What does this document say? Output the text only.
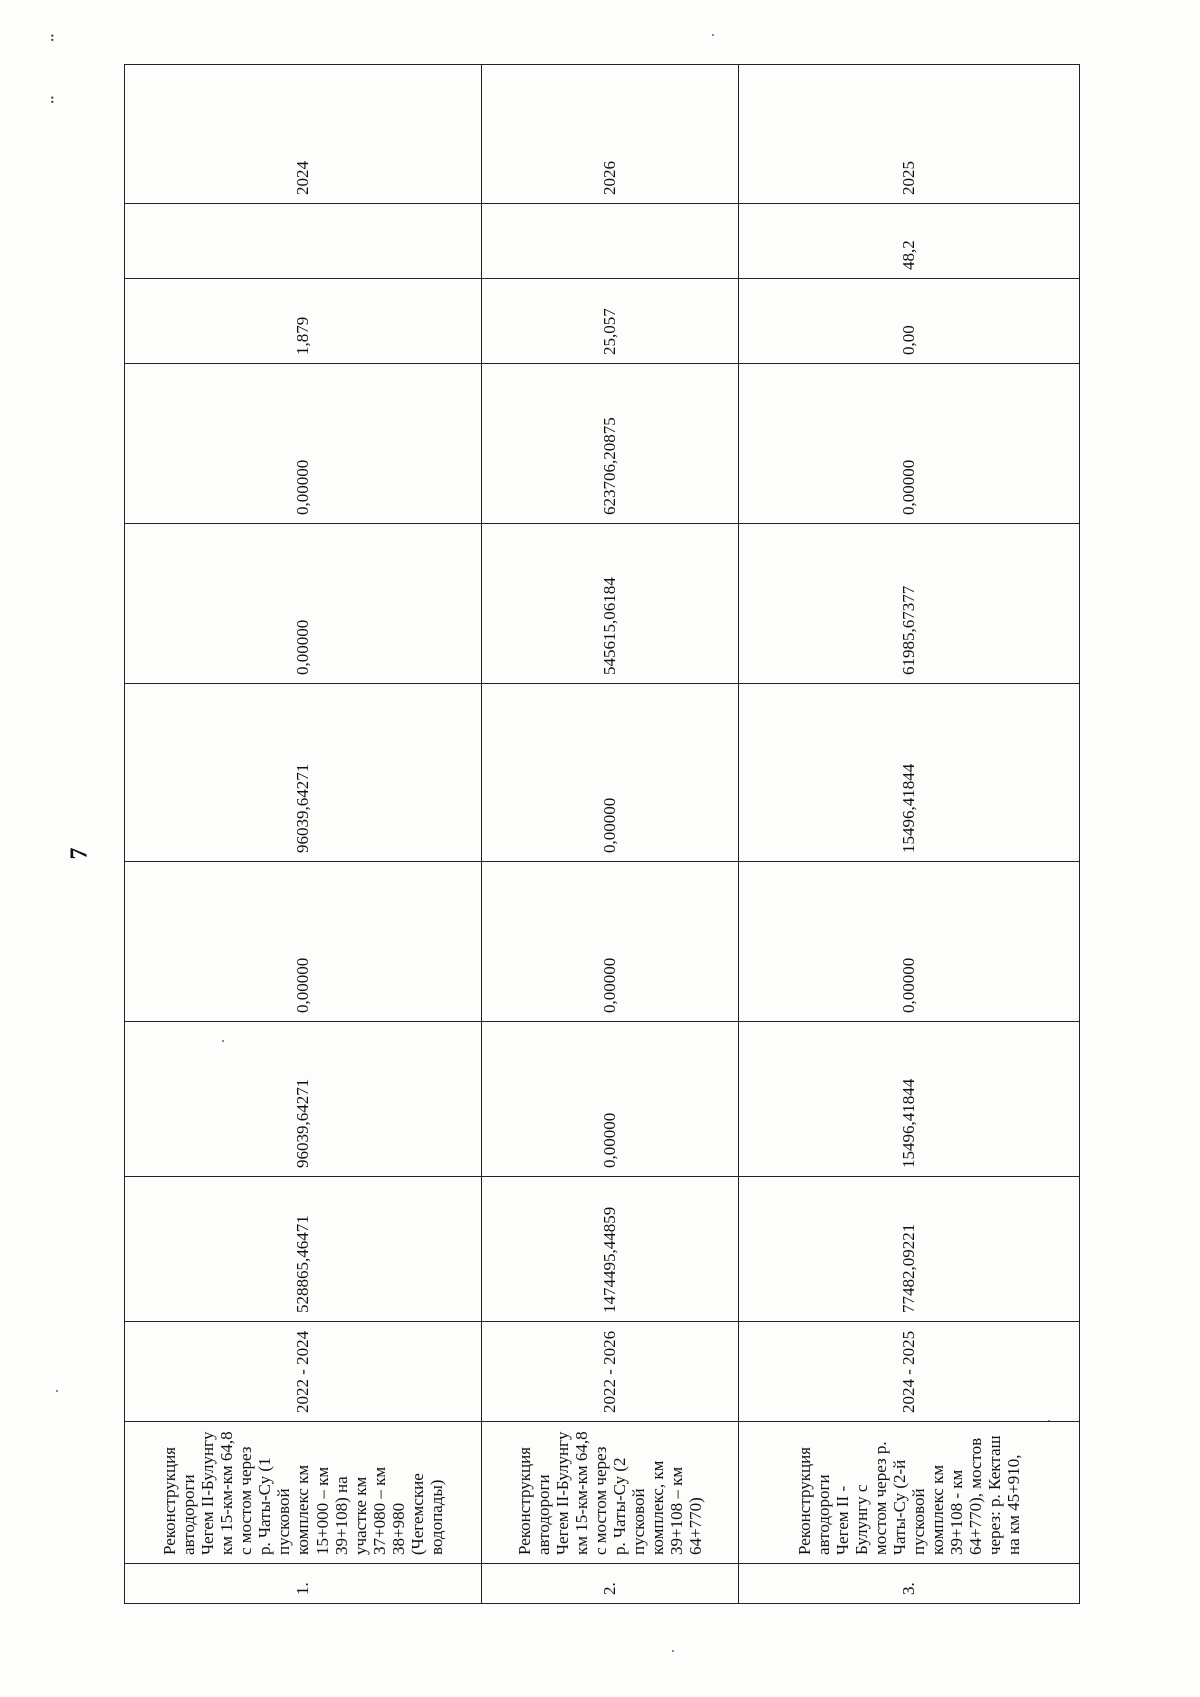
:
:
7
1.	Реконструкция автодороги Чегем II-Булунгу км 15-км-км 64,8 с мостом через р. Чаты-Су (1 пусковой комплекс км 15+000 – км 39+108) на участке км 37+080 – км 38+980 (Чегемские водопады)	2022 - 2024	528865,46471	96039,64271	0,00000	96039,64271	0,00000	0,00000	1,879		2024
2.	Реконструкция автодороги Чегем II-Булунгу км 15-км-км 64,8 с мостом через р. Чаты-Су (2 пусковой комплекс, км 39+108 – км 64+770)	2022 - 2026	1474495,44859	0,00000	0,00000	0,00000	545615,06184	623706,20875	25,057		2026
3.	Реконструкция автодороги Чегем II - Булунгу с мостом через р. Чаты-Су (2-й пусковой комплекс км 39+108 - км 64+770), мостов через: р. Кекташ на км 45+910,	2024 - 2025	77482,09221	15496,41844	0,00000	15496,41844	61985,67377	0,00000	0,00	48,2	2025
